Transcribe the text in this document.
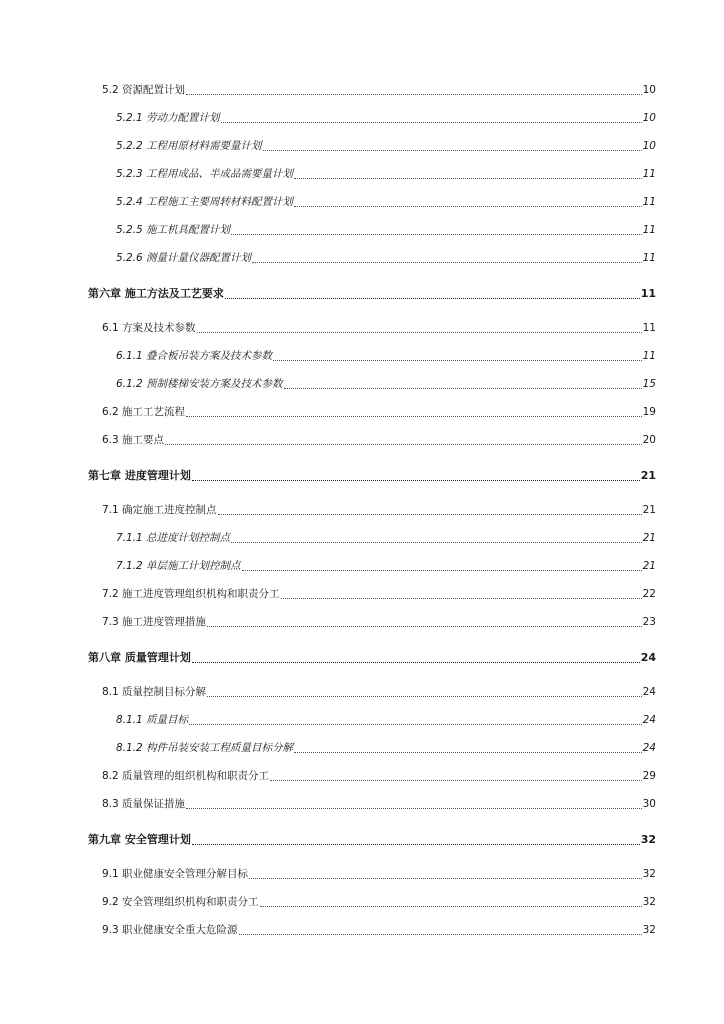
5.2 资源配置计划	10
5.2.1 劳动力配置计划	10
5.2.2 工程用原材料需要量计划	10
5.2.3 工程用成品、半成品需要量计划	11
5.2.4 工程施工主要周转材料配置计划	11
5.2.5 施工机具配置计划	11
5.2.6 测量计量仪器配置计划	11
第六章 施工方法及工艺要求	11
6.1 方案及技术参数	11
6.1.1 叠合板吊装方案及技术参数	11
6.1.2 预制楼梯安装方案及技术参数	15
6.2 施工工艺流程	19
6.3 施工要点	20
第七章 进度管理计划	21
7.1 确定施工进度控制点	21
7.1.1 总进度计划控制点	21
7.1.2 单层施工计划控制点	21
7.2 施工进度管理组织机构和职责分工	22
7.3 施工进度管理措施	23
第八章 质量管理计划	24
8.1 质量控制目标分解	24
8.1.1 质量目标	24
8.1.2 构件吊装安装工程质量目标分解	24
8.2 质量管理的组织机构和职责分工	29
8.3 质量保证措施	30
第九章 安全管理计划	32
9.1 职业健康安全管理分解目标	32
9.2 安全管理组织机构和职责分工	32
9.3 职业健康安全重大危险源	32
